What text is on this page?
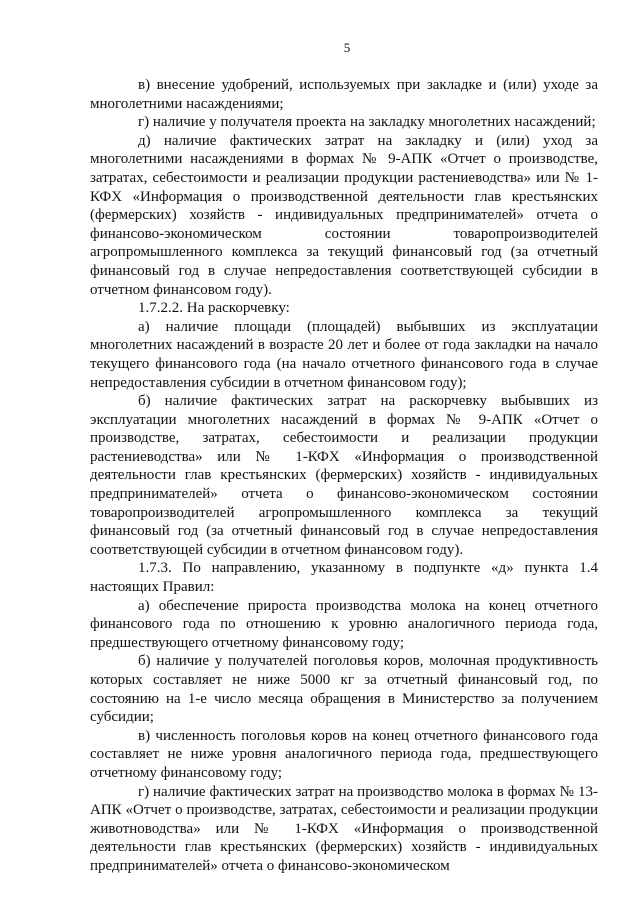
5

в) внесение удобрений, используемых при закладке и (или) уходе за многолетними насаждениями;

г) наличие у получателя проекта на закладку многолетних насаждений;

д) наличие фактических затрат на закладку и (или) уход за многолетними насаждениями в формах № 9-АПК «Отчет о производстве, затратах, себестоимости и реализации продукции растениеводства» или № 1-КФХ «Информация о производственной деятельности глав крестьянских (фермерских) хозяйств - индивидуальных предпринимателей» отчета о финансово-экономическом состоянии товаропроизводителей агропромышленного комплекса за текущий финансовый год (за отчетный финансовый год в случае непредоставления соответствующей субсидии в отчетном финансовом году).

1.7.2.2. На раскорчевку:

а) наличие площади (площадей) выбывших из эксплуатации многолетних насаждений в возрасте 20 лет и более от года закладки на начало текущего финансового года (на начало отчетного финансового года в случае непредоставления субсидии в отчетном финансовом году);

б) наличие фактических затрат на раскорчевку выбывших из эксплуатации многолетних насаждений в формах № 9-АПК «Отчет о производстве, затратах, себестоимости и реализации продукции растениеводства» или № 1-КФХ «Информация о производственной деятельности глав крестьянских (фермерских) хозяйств - индивидуальных предпринимателей» отчета о финансово-экономическом состоянии товаропроизводителей агропромышленного комплекса за текущий финансовый год (за отчетный финансовый год в случае непредоставления соответствующей субсидии в отчетном финансовом году).

1.7.3. По направлению, указанному в подпункте «д» пункта 1.4 настоящих Правил:

а) обеспечение прироста производства молока на конец отчетного финансового года по отношению к уровню аналогичного периода года, предшествующего отчетному финансовому году;

б) наличие у получателей поголовья коров, молочная продуктивность которых составляет не ниже 5000 кг за отчетный финансовый год, по состоянию на 1-е число месяца обращения в Министерство за получением субсидии;

в) численность поголовья коров на конец отчетного финансового года составляет не ниже уровня аналогичного периода года, предшествующего отчетному финансовому году;

г) наличие фактических затрат на производство молока в формах № 13-АПК «Отчет о производстве, затратах, себестоимости и реализации продукции животноводства» или № 1-КФХ «Информация о производственной деятельности глав крестьянских (фермерских) хозяйств - индивидуальных предпринимателей» отчета о финансово-экономическом
